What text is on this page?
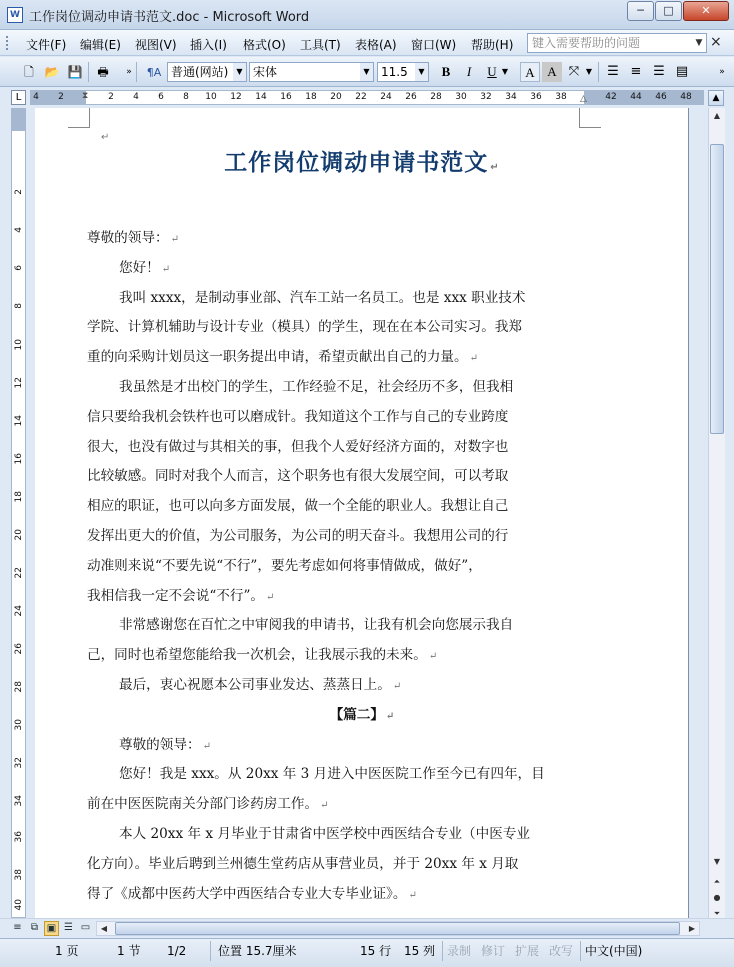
W 工作岗位调动申请书范文.doc - Microsoft Word	─	□	✕
文件(F) 编辑(E) 视图(V) 插入(I) 格式(O) 工具(T) 表格(A) 窗口(W) 帮助(H)	键入需要帮助的问题	▼ ×
🗋 📂 💾 🖶	»	¶A 普通(网站)	▼ 宋体	▼ 11.5	▼	B	I	U ▼	A A ⤧ ▼	☰ ≡ ☰ ▤	»
L	4 2	2 4 6 8 10 12 14 16 18 20 22 24 26 28 30 32 34 36 38	42 44 46 48
⧗	△	▲
2
4
6
8
10
12
14
16
18
20
22
24
26
28
30
32
34
36
38
40
↵
工作岗位调动申请书范文 ↵
尊敬的领导： ↵
您好！ ↵
我叫 xxxx，是制动事业部、汽车工站一名员工。也是 xxx 职业技术
学院、计算机辅助与设计专业（模具）的学生，现在在本公司实习。我郑
重的向采购计划员这一职务提出申请，希望贡献出自己的力量。 ↵
我虽然是才出校门的学生，工作经验不足，社会经历不多，但我相
信只要给我机会铁杵也可以磨成针。我知道这个工作与自己的专业跨度
很大，也没有做过与其相关的事，但我个人爱好经济方面的，对数字也
比较敏感。同时对我个人而言，这个职务也有很大发展空间，可以考取
相应的职证，也可以向多方面发展，做一个全能的职业人。我想让自己
发挥出更大的价值，为公司服务，为公司的明天奋斗。我想用公司的行
动准则来说“不要先说“不行”，要先考虑如何将事情做成，做好”，
我相信我一定不会说“不行”。 ↵
非常感谢您在百忙之中审阅我的申请书，让我有机会向您展示我自
己，同时也希望您能给我一次机会，让我展示我的未来。 ↵
最后，衷心祝愿本公司事业发达、蒸蒸日上。 ↵
【篇二】 ↵
尊敬的领导： ↵
您好！我是 xxx。从 20xx 年 3 月进入中医医院工作至今已有四年，目
前在中医医院南关分部门诊药房工作。 ↵
本人 20xx 年 x 月毕业于甘肃省中医学校中西医结合专业（中医专业
化方向）。毕业后聘到兰州德生堂药店从事营业员，并于 20xx 年 x 月取
得了《成都中医药大学中西医结合专业大专毕业证》。 ↵
▲
▼
⏶
●
⏷
≡ ⧉ ▣ ☰ ▭	◀	▶
1 页	1 节 1/2	位置 15.7厘米	15 行 15 列 录制 修订 扩展 改写 中文(中国)
